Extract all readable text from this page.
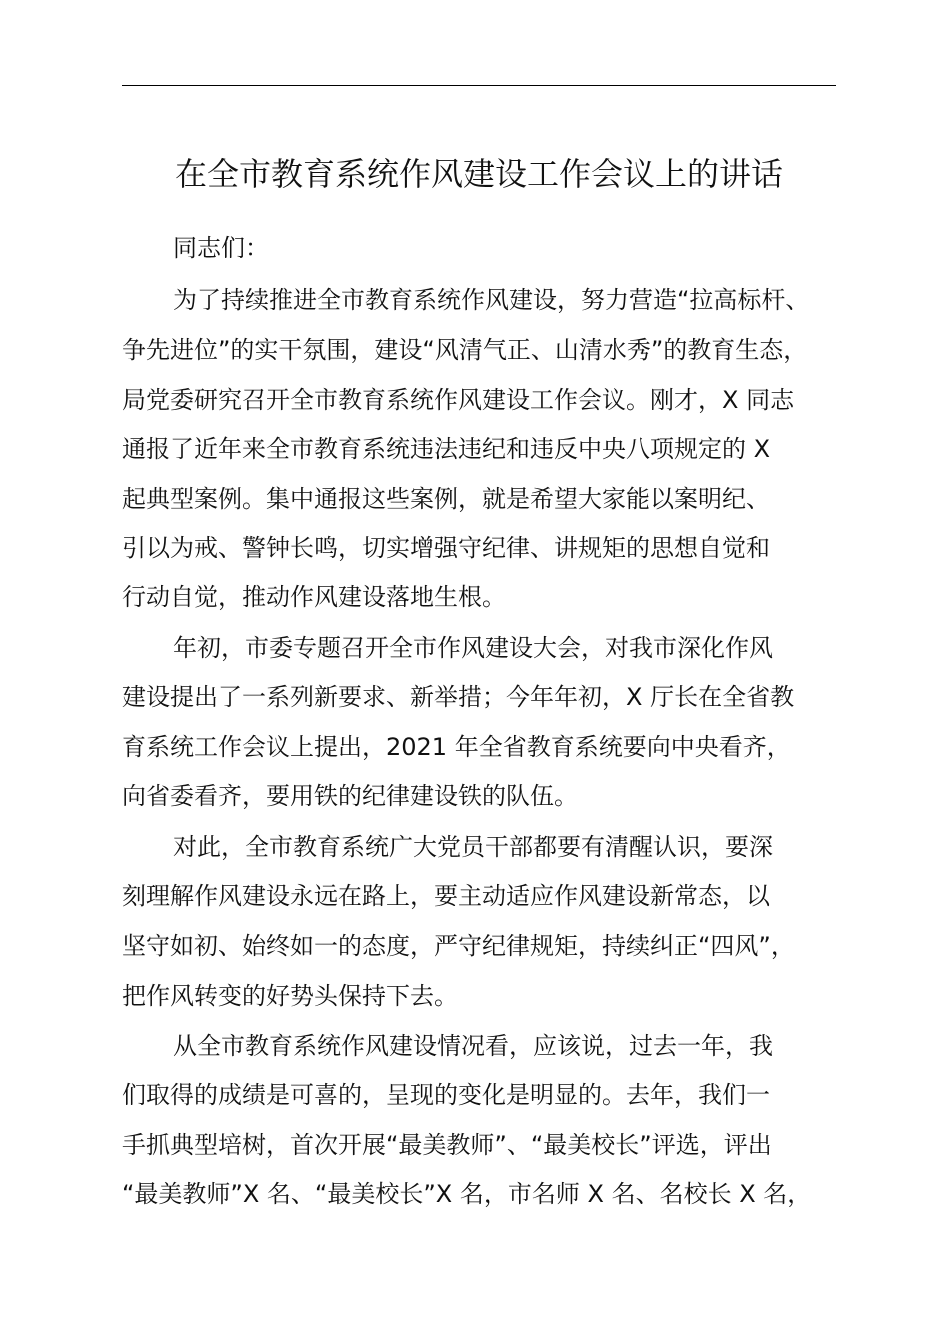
在全市教育系统作风建设工作会议上的讲话
同志们：
为了持续推进全市教育系统作风建设，努力营造“拉高标杆、
争先进位”的实干氛围，建设“风清气正、山清水秀”的教育生态，
局党委研究召开全市教育系统作风建设工作会议。刚才，X 同志
通报了近年来全市教育系统违法违纪和违反中央八项规定的 X
起典型案例。集中通报这些案例，就是希望大家能以案明纪、
引以为戒、警钟长鸣，切实增强守纪律、讲规矩的思想自觉和
行动自觉，推动作风建设落地生根。
年初，市委专题召开全市作风建设大会，对我市深化作风
建设提出了一系列新要求、新举措；今年年初，X 厅长在全省教
育系统工作会议上提出，2021 年全省教育系统要向中央看齐，
向省委看齐，要用铁的纪律建设铁的队伍。
对此，全市教育系统广大党员干部都要有清醒认识，要深
刻理解作风建设永远在路上，要主动适应作风建设新常态，以
坚守如初、始终如一的态度，严守纪律规矩，持续纠正“四风”，
把作风转变的好势头保持下去。
从全市教育系统作风建设情况看，应该说，过去一年，我
们取得的成绩是可喜的，呈现的变化是明显的。去年，我们一
手抓典型培树，首次开展“最美教师”、“最美校长”评选，评出
“最美教师”X 名、“最美校长”X 名，市名师 X 名、名校长 X 名，
